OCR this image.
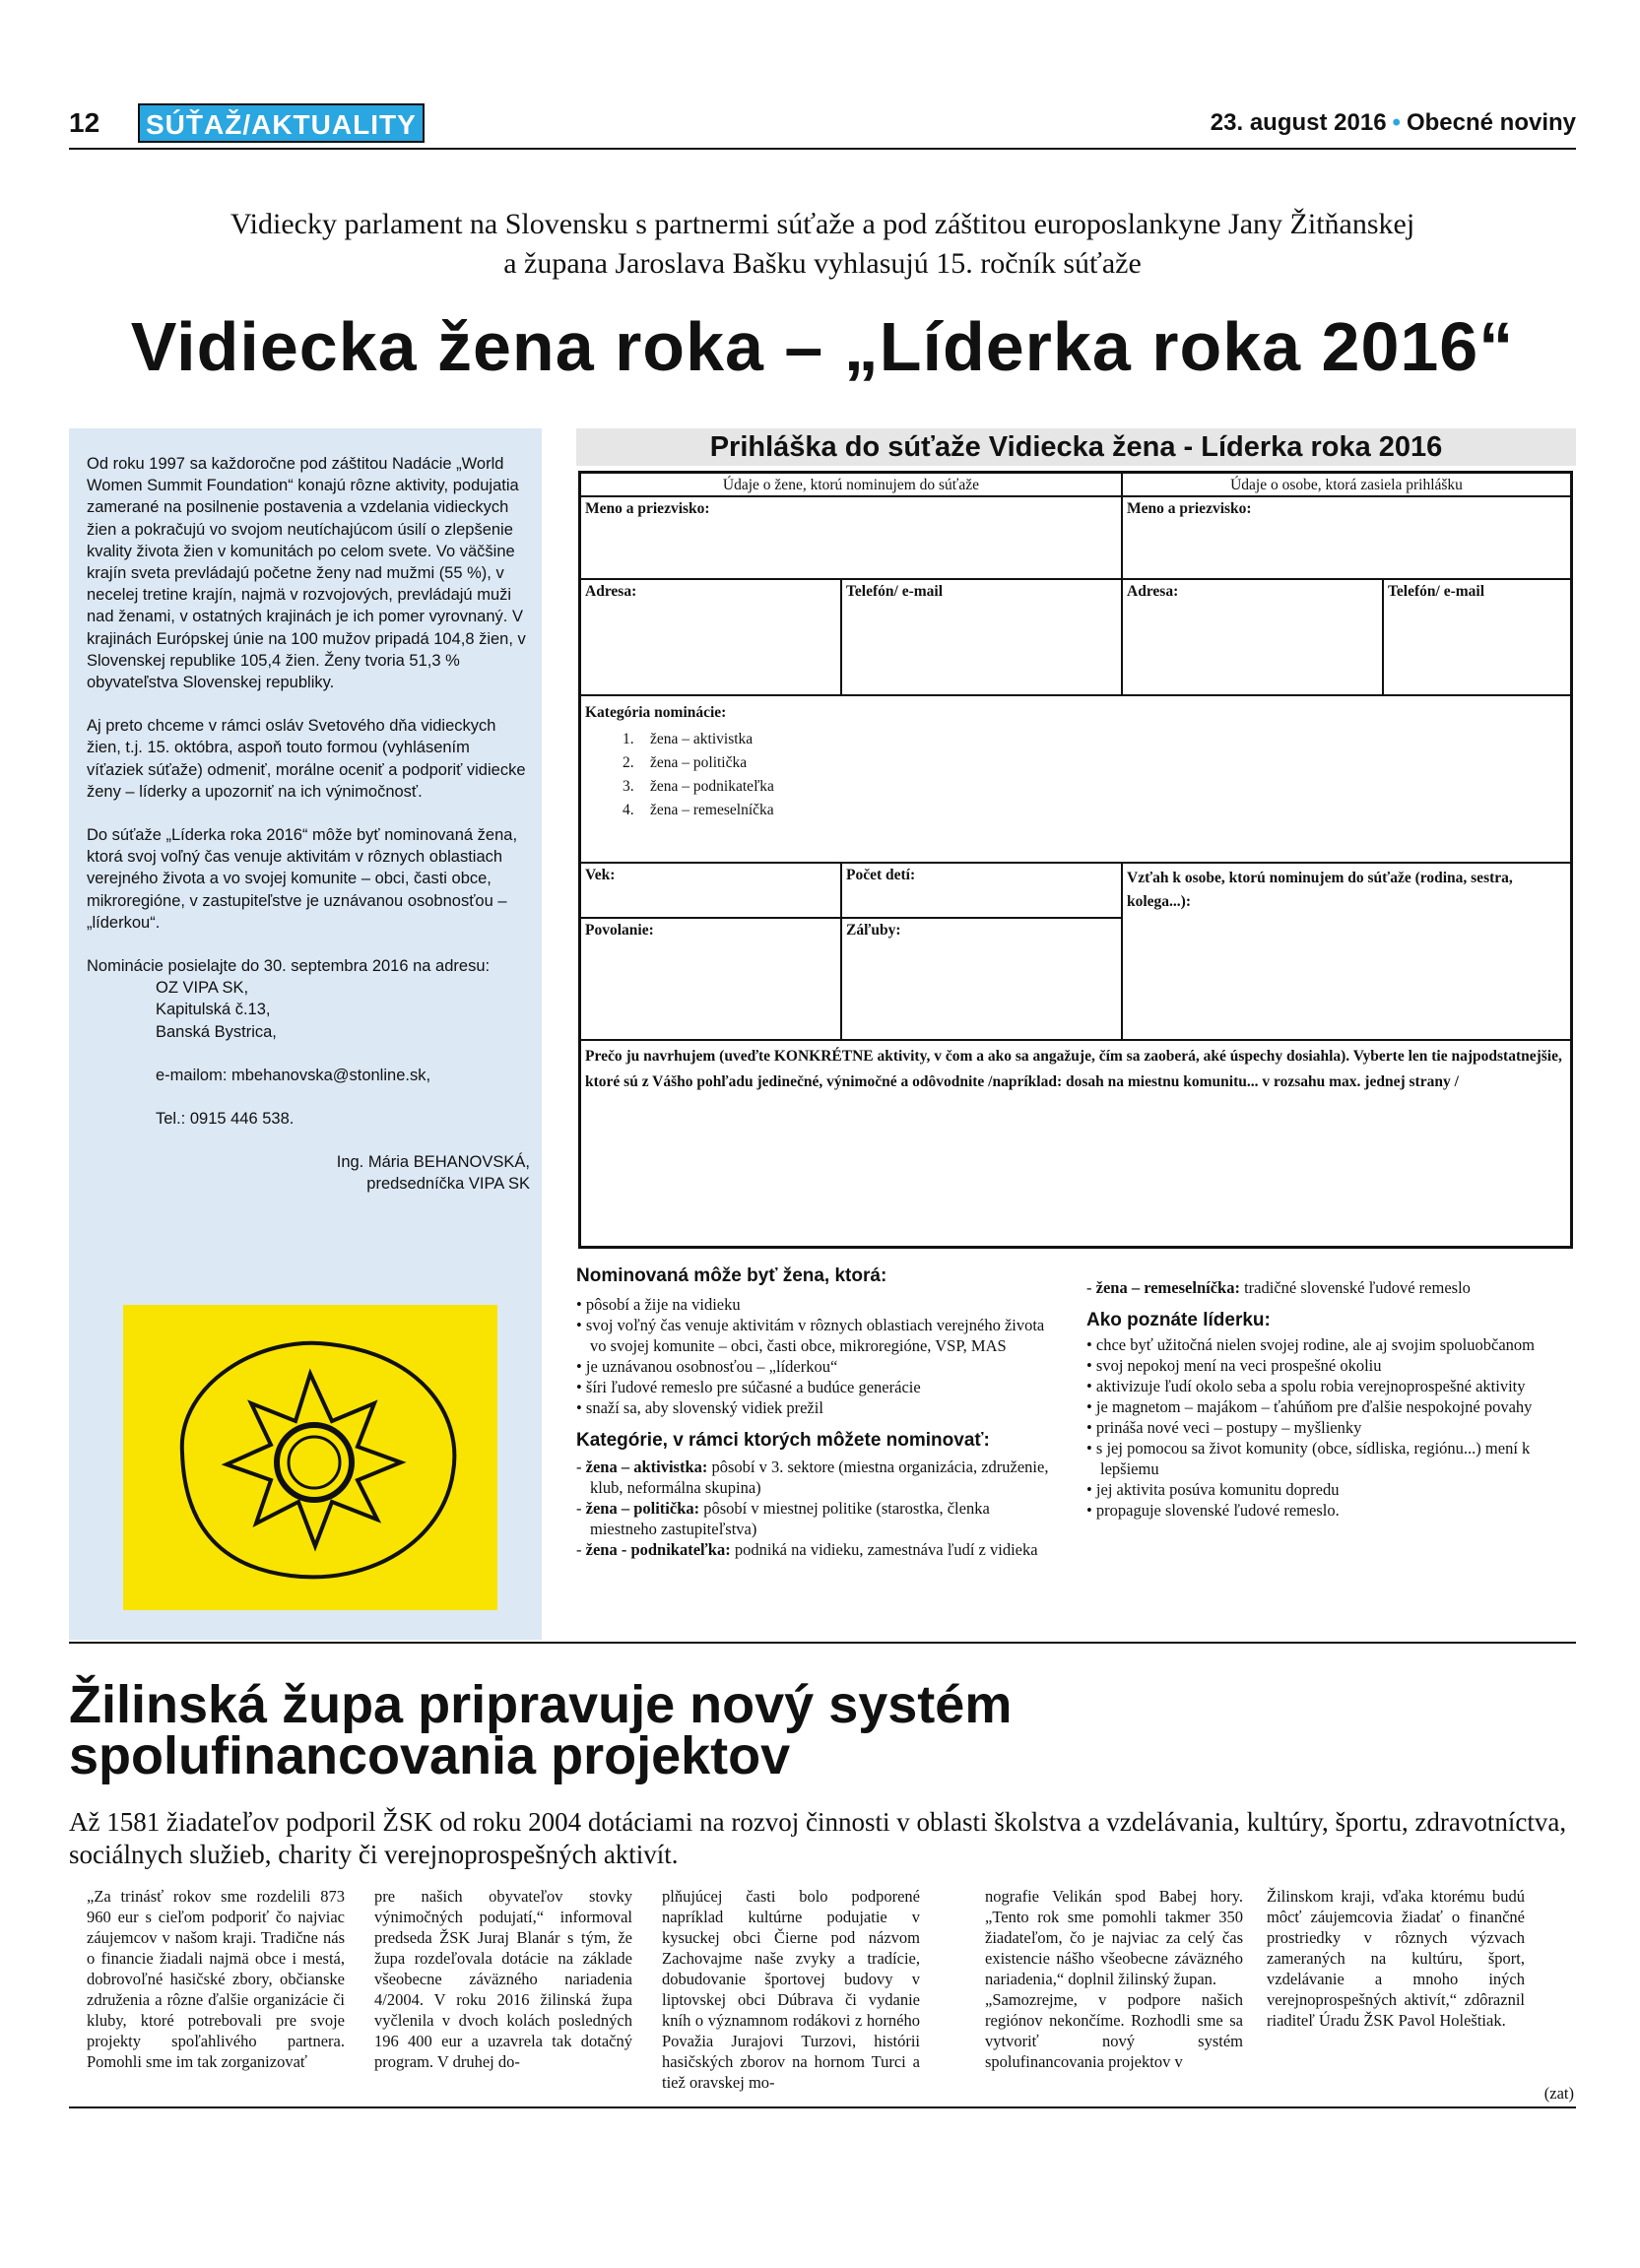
12 SÚŤAŽ/AKTUALITY	23. august 2016 • Obecné noviny
Vidiecky parlament na Slovensku s partnermi súťaže a pod záštitou europoslankyne Jany Žitňanskej
a župana Jaroslava Bašku vyhlasujú 15. ročník súťaže
Vidiecka žena roka – „Líderka roka 2016“

Od roku 1997 sa každoročne pod záštitou Nadácie „World Women Summit Foundation“ konajú rôzne aktivity, podujatia zamerané na posilnenie postavenia a vzdelania vidieckych žien a pokračujú vo svojom neutíchajúcom úsilí o zlepšenie kvality života žien v komunitách po celom svete. Vo väčšine krajín sveta prevládajú početne ženy nad mužmi (55 %), v necelej tretine krajín, najmä v rozvojových, prevládajú muži nad ženami, v ostatných krajinách je ich pomer vyrovnaný. V krajinách Európskej únie na 100 mužov pripadá 104,8 žien, v Slovenskej republike 105,4 žien. Ženy tvoria 51,3 % obyvateľstva Slovenskej republiky.

Aj preto chceme v rámci osláv Svetového dňa vidieckych žien, t.j. 15. októbra, aspoň touto formou (vyhlásením víťaziek súťaže) odmeniť, morálne oceniť a podporiť vidiecke ženy – líderky a upozorniť na ich výnimočnosť.

Do súťaže „Líderka roka 2016“ môže byť nominovaná žena, ktorá svoj voľný čas venuje aktivitám v rôznych oblastiach verejného života a vo svojej komunite – obci, časti obce, mikroregióne, v zastupiteľstve je uznávanou osobnosťou – „líderkou“.

Nominácie posielajte do 30. septembra 2016 na adresu:
OZ VIPA SK,
Kapitulská č.13,
Banská Bystrica,
e-mailom: mbehanovska@stonline.sk,
Tel.: 0915 446 538.
Ing. Mária BEHANOVSKÁ,
predsedníčka VIPA SK
Prihláška do súťaže Vidiecka žena - Líderka roka 2016
Údaje o žene, ktorú nominujem do súťaže	Údaje o osobe, ktorá zasiela prihlášku
Meno a priezvisko:	Meno a priezvisko:
Adresa:	Telefón/ e-mail	Adresa:	Telefón/ e-mail
Kategória nominácie:
1. žena – aktivistka
2. žena – politička
3. žena – podnikateľka
4. žena – remeselníčka
Vek:	Počet detí:	Vzťah k osobe, ktorú nominujem do súťaže (rodina, sestra, kolega...):
Povolanie:	Záľuby:
Prečo ju navrhujem (uveďte KONKRÉTNE aktivity, v čom a ako sa angažuje, čím sa zaoberá, aké úspechy dosiahla). Vyberte len tie najpodstatnejšie, ktoré sú z Vášho pohľadu jedinečné, výnimočné a odôvodnite /napríklad: dosah na miestnu komunitu... v rozsahu max. jednej strany /
Nominovaná môže byť žena, ktorá:
• pôsobí a žije na vidieku
• svoj voľný čas venuje aktivitám v rôznych oblastiach verejného života vo svojej komunite – obci, časti obce, mikroregióne, VSP, MAS
• je uznávanou osobnosťou – „líderkou“
• šíri ľudové remeslo pre súčasné a budúce generácie
• snaží sa, aby slovenský vidiek prežil
Kategórie, v rámci ktorých môžete nominovať:
- žena – aktivistka: pôsobí v 3. sektore (miestna organizácia, združenie, klub, neformálna skupina)
- žena – politička: pôsobí v miestnej politike (starostka, členka miestneho zastupiteľstva)
- žena - podnikateľka: podniká na vidieku, zamestnáva ľudí z vidieka
- žena – remeselníčka: tradičné slovenské ľudové remeslo
Ako poznáte líderku:
• chce byť užitočná nielen svojej rodine, ale aj svojim spoluobčanom
• svoj nepokoj mení na veci prospešné okoliu
• aktivizuje ľudí okolo seba a spolu robia verejnoprospešné aktivity
• je magnetom – majákom – ťahúňom pre ďalšie nespokojné povahy
• prináša nové veci – postupy – myšlienky
• s jej pomocou sa život komunity (obce, sídliska, regiónu...) mení k lepšiemu
• jej aktivita posúva komunitu dopredu
• propaguje slovenské ľudové remeslo.
Žilinská župa pripravuje nový systém
spolufinancovania projektov
Až 1581 žiadateľov podporil ŽSK od roku 2004 dotáciami na rozvoj činnosti v oblasti školstva a vzdelávania, kultúry, športu, zdravotníctva, sociálnych služieb, charity či verejnoprospešných aktivít.
„Za trinásť rokov sme rozdelili 873 960 eur s cieľom podporiť čo najviac záujemcov v našom kraji. Tradične nás o financie žiadali najmä obce i mestá, dobrovoľné hasičské zbory, občianske združenia a rôzne ďalšie organizácie či kluby, ktoré potrebovali pre svoje projekty spoľahlivého partnera. Pomohli sme im tak zorganizovať
pre našich obyvateľov stovky výnimočných podujatí,“ informoval predseda ŽSK Juraj Blanár s tým, že župa rozdeľovala dotácie na základe všeobecne záväzného nariadenia 4/2004. V roku 2016 žilinská župa vyčlenila v dvoch kolách posledných 196 400 eur a uzavrela tak dotačný program. V druhej do-
plňujúcej časti bolo podporené napríklad kultúrne podujatie v kysuckej obci Čierne pod názvom Zachovajme naše zvyky a tradície, dobudovanie športovej budovy v liptovskej obci Dúbrava či vydanie kníh o významnom rodákovi z horného Považia Jurajovi Turzovi, histórii hasičských zborov na hornom Turci a tiež oravskej mo-
nografie Velikán spod Babej hory. „Tento rok sme pomohli takmer 350 žiadateľom, čo je najviac za celý čas existencie nášho všeobecne záväzného nariadenia,“ doplnil žilinský župan.
„Samozrejme, v podpore našich regiónov nekončíme. Rozhodli sme sa vytvoriť nový systém spolufinancovania projektov v
Žilinskom kraji, vďaka ktorému budú môcť záujemcovia žiadať o finančné prostriedky v rôznych výzvach zameraných na kultúru, šport, vzdelávanie a mnoho iných verejnoprospešných aktivít,“ zdôraznil riaditeľ Úradu ŽSK Pavol Holeštiak.
(zat)
